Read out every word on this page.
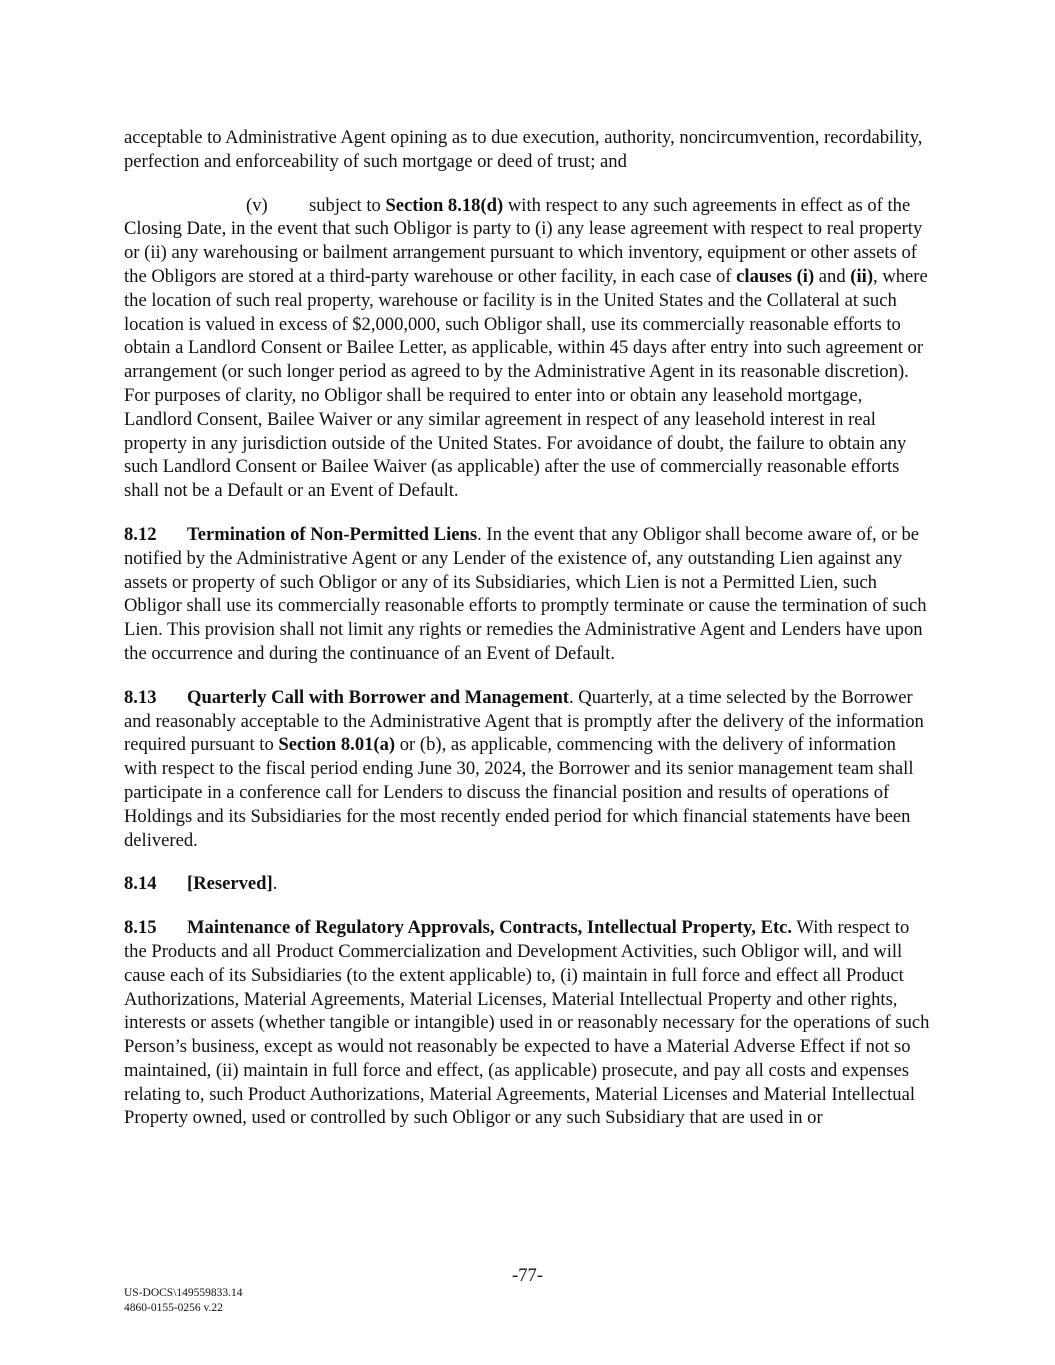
acceptable to Administrative Agent opining as to due execution, authority, noncircumvention, recordability, perfection and enforceability of such mortgage or deed of trust; and

(v) subject to Section 8.18(d) with respect to any such agreements in effect as of the Closing Date, in the event that such Obligor is party to (i) any lease agreement with respect to real property or (ii) any warehousing or bailment arrangement pursuant to which inventory, equipment or other assets of the Obligors are stored at a third-party warehouse or other facility, in each case of clauses (i) and (ii), where the location of such real property, warehouse or facility is in the United States and the Collateral at such location is valued in excess of $2,000,000, such Obligor shall, use its commercially reasonable efforts to obtain a Landlord Consent or Bailee Letter, as applicable, within 45 days after entry into such agreement or arrangement (or such longer period as agreed to by the Administrative Agent in its reasonable discretion). For purposes of clarity, no Obligor shall be required to enter into or obtain any leasehold mortgage, Landlord Consent, Bailee Waiver or any similar agreement in respect of any leasehold interest in real property in any jurisdiction outside of the United States. For avoidance of doubt, the failure to obtain any such Landlord Consent or Bailee Waiver (as applicable) after the use of commercially reasonable efforts shall not be a Default or an Event of Default.

8.12 Termination of Non-Permitted Liens. In the event that any Obligor shall become aware of, or be notified by the Administrative Agent or any Lender of the existence of, any outstanding Lien against any assets or property of such Obligor or any of its Subsidiaries, which Lien is not a Permitted Lien, such Obligor shall use its commercially reasonable efforts to promptly terminate or cause the termination of such Lien. This provision shall not limit any rights or remedies the Administrative Agent and Lenders have upon the occurrence and during the continuance of an Event of Default.

8.13 Quarterly Call with Borrower and Management. Quarterly, at a time selected by the Borrower and reasonably acceptable to the Administrative Agent that is promptly after the delivery of the information required pursuant to Section 8.01(a) or (b), as applicable, commencing with the delivery of information with respect to the fiscal period ending June 30, 2024, the Borrower and its senior management team shall participate in a conference call for Lenders to discuss the financial position and results of operations of Holdings and its Subsidiaries for the most recently ended period for which financial statements have been delivered.

8.14 [Reserved].

8.15 Maintenance of Regulatory Approvals, Contracts, Intellectual Property, Etc. With respect to the Products and all Product Commercialization and Development Activities, such Obligor will, and will cause each of its Subsidiaries (to the extent applicable) to, (i) maintain in full force and effect all Product Authorizations, Material Agreements, Material Licenses, Material Intellectual Property and other rights, interests or assets (whether tangible or intangible) used in or reasonably necessary for the operations of such Person’s business, except as would not reasonably be expected to have a Material Adverse Effect if not so maintained, (ii) maintain in full force and effect, (as applicable) prosecute, and pay all costs and expenses relating to, such Product Authorizations, Material Agreements, Material Licenses and Material Intellectual Property owned, used or controlled by such Obligor or any such Subsidiary that are used in or

-77-
US-DOCS\149559833.14
4860-0155-0256 v.22
